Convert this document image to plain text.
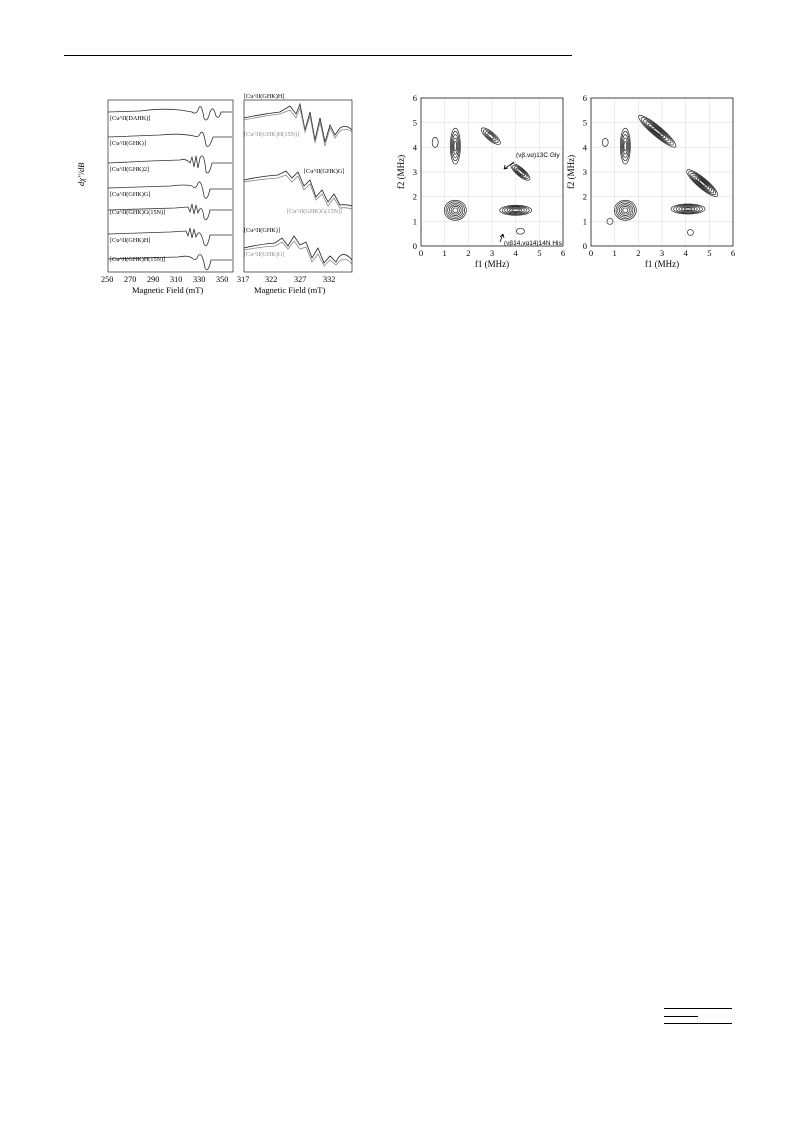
dχ''/dB
[Cu^II(DAHK)]
[Cu^II(GHK)]
[Cu^II(GHK)2]
[Cu^II(GHK)G]
[Cu^II(GHK)G(15N)]
[Cu^II(GHK)H]
[Cu^II(GHK)H(15N)]
250 270 290 310 330 350
Magnetic Field (mT)
[Cu^II(GHK)H]
[Cu^II(GHK)H(15N)]
[Cu^II(GHK)G]
[Cu^II(GHK)G(15N)]
[Cu^II(GHK)]
[Cu^II(GHK)G]
317 322 327 332
Magnetic Field (mT)
0 1 2 3 4 5 6
0
1
2
3
4
5
6
f1 (MHz)
f2 (MHz)
0 1 2 3 4 5 6
0
1
2
3
4
5
6
f1 (MHz)
f2 (MHz)
(νβ,να)13C Gly
(νβ14,να14)14N His
